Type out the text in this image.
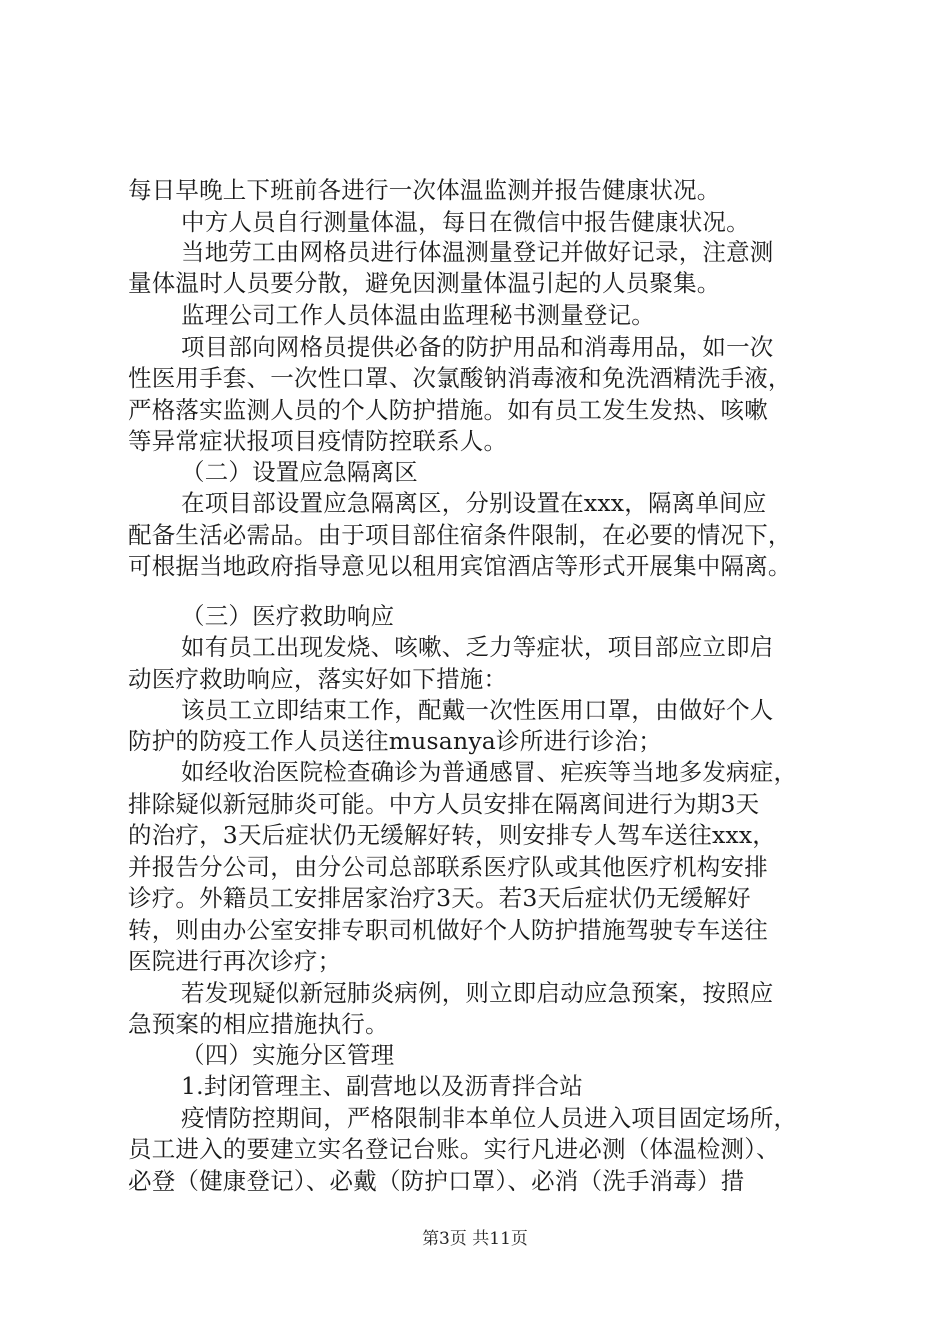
每日早晚上下班前各进行一次体温监测并报告健康状况。
中方人员自行测量体温，每日在微信中报告健康状况。
当地劳工由网格员进行体温测量登记并做好记录，注意测
量体温时人员要分散，避免因测量体温引起的人员聚集。
监理公司工作人员体温由监理秘书测量登记。
项目部向网格员提供必备的防护用品和消毒用品，如一次
性医用手套、一次性口罩、次氯酸钠消毒液和免洗酒精洗手液，
严格落实监测人员的个人防护措施。如有员工发生发热、咳嗽
等异常症状报项目疫情防控联系人。
（二）设置应急隔离区
在项目部设置应急隔离区，分别设置在xxx，隔离单间应
配备生活必需品。由于项目部住宿条件限制，在必要的情况下，
可根据当地政府指导意见以租用宾馆酒店等形式开展集中隔离。
（三）医疗救助响应
如有员工出现发烧、咳嗽、乏力等症状，项目部应立即启
动医疗救助响应，落实好如下措施：
该员工立即结束工作，配戴一次性医用口罩，由做好个人
防护的防疫工作人员送往musanya诊所进行诊治；
如经收治医院检查确诊为普通感冒、疟疾等当地多发病症，
排除疑似新冠肺炎可能。中方人员安排在隔离间进行为期3天
的治疗，3天后症状仍无缓解好转，则安排专人驾车送往xxx，
并报告分公司，由分公司总部联系医疗队或其他医疗机构安排
诊疗。外籍员工安排居家治疗3天。若3天后症状仍无缓解好
转，则由办公室安排专职司机做好个人防护措施驾驶专车送往
医院进行再次诊疗；
若发现疑似新冠肺炎病例，则立即启动应急预案，按照应
急预案的相应措施执行。
（四）实施分区管理
1.封闭管理主、副营地以及沥青拌合站
疫情防控期间，严格限制非本单位人员进入项目固定场所，
员工进入的要建立实名登记台账。实行凡进必测（体温检测）、
必登（健康登记）、必戴（防护口罩）、必消（洗手消毒）措
第3页 共11页
